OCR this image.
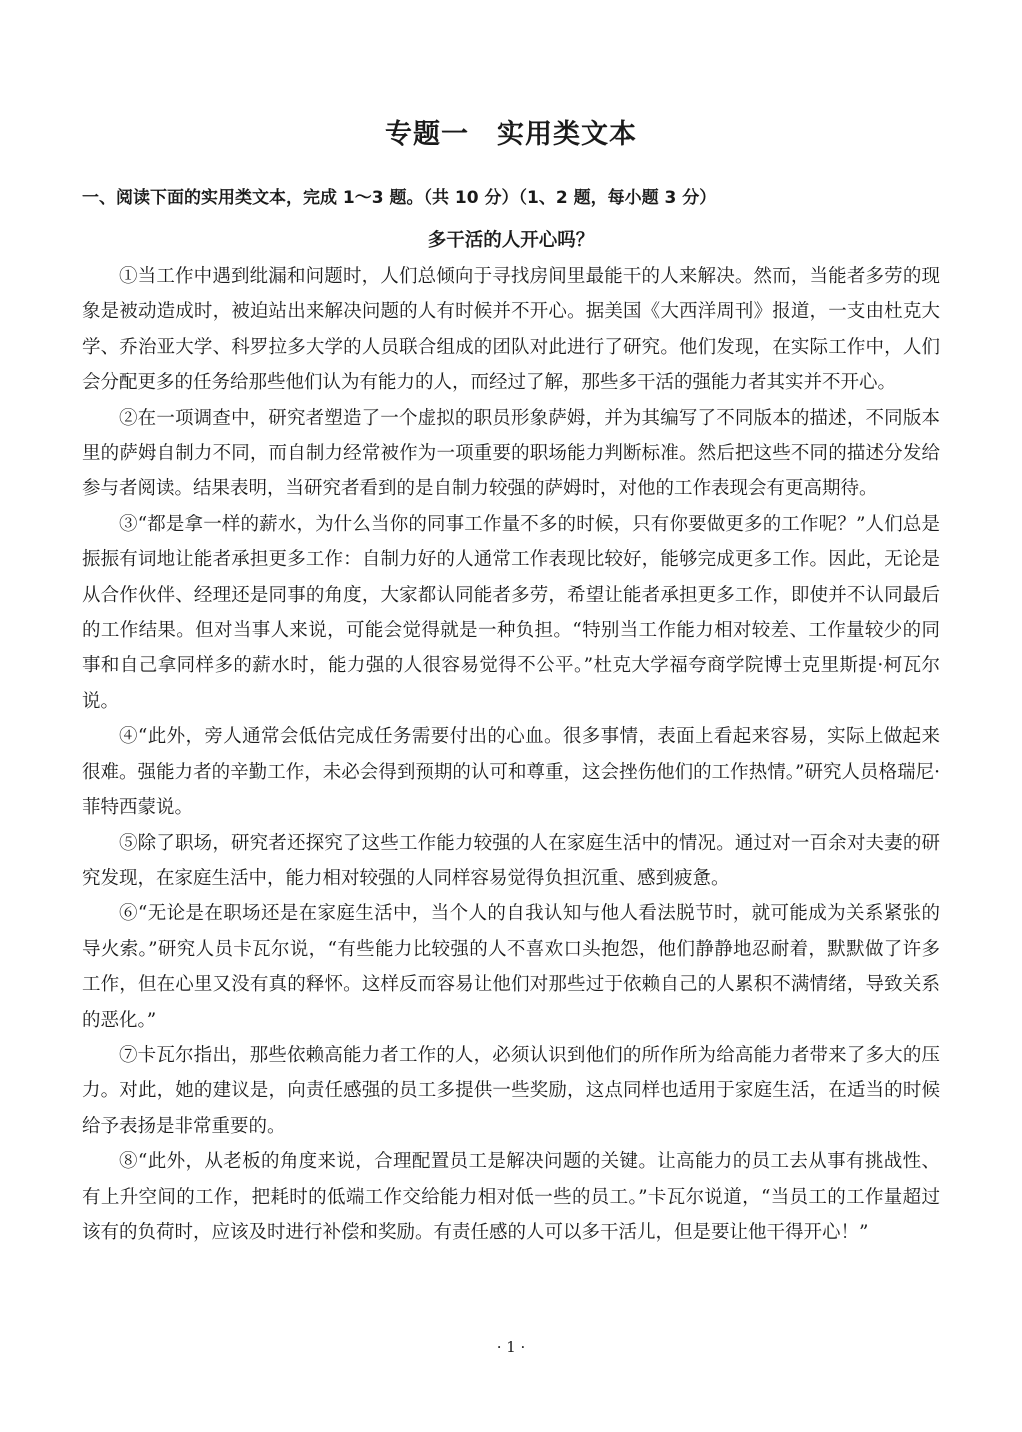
专题一　实用类文本
一、阅读下面的实用类文本，完成 1～3 题。（共 10 分）（1、2 题，每小题 3 分）
多干活的人开心吗？

①当工作中遇到纰漏和问题时，人们总倾向于寻找房间里最能干的人来解决。然而，当能者多劳的现象是被动造成时，被迫站出来解决问题的人有时候并不开心。据美国《大西洋周刊》报道，一支由杜克大学、乔治亚大学、科罗拉多大学的人员联合组成的团队对此进行了研究。他们发现，在实际工作中，人们会分配更多的任务给那些他们认为有能力的人，而经过了解，那些多干活的强能力者其实并不开心。

②在一项调查中，研究者塑造了一个虚拟的职员形象萨姆，并为其编写了不同版本的描述，不同版本里的萨姆自制力不同，而自制力经常被作为一项重要的职场能力判断标准。然后把这些不同的描述分发给参与者阅读。结果表明，当研究者看到的是自制力较强的萨姆时，对他的工作表现会有更高期待。

③“都是拿一样的薪水，为什么当你的同事工作量不多的时候，只有你要做更多的工作呢？”人们总是振振有词地让能者承担更多工作：自制力好的人通常工作表现比较好，能够完成更多工作。因此，无论是从合作伙伴、经理还是同事的角度，大家都认同能者多劳，希望让能者承担更多工作，即使并不认同最后的工作结果。但对当事人来说，可能会觉得就是一种负担。“特别当工作能力相对较差、工作量较少的同事和自己拿同样多的薪水时，能力强的人很容易觉得不公平。”杜克大学福夸商学院博士克里斯提·柯瓦尔说。

④“此外，旁人通常会低估完成任务需要付出的心血。很多事情，表面上看起来容易，实际上做起来很难。强能力者的辛勤工作，未必会得到预期的认可和尊重，这会挫伤他们的工作热情。”研究人员格瑞尼·菲特西蒙说。

⑤除了职场，研究者还探究了这些工作能力较强的人在家庭生活中的情况。通过对一百余对夫妻的研究发现，在家庭生活中，能力相对较强的人同样容易觉得负担沉重、感到疲惫。

⑥“无论是在职场还是在家庭生活中，当个人的自我认知与他人看法脱节时，就可能成为关系紧张的导火索。”研究人员卡瓦尔说，“有些能力比较强的人不喜欢口头抱怨，他们静静地忍耐着，默默做了许多工作，但在心里又没有真的释怀。这样反而容易让他们对那些过于依赖自己的人累积不满情绪，导致关系的恶化。”

⑦卡瓦尔指出，那些依赖高能力者工作的人，必须认识到他们的所作所为给高能力者带来了多大的压力。对此，她的建议是，向责任感强的员工多提供一些奖励，这点同样也适用于家庭生活，在适当的时候给予表扬是非常重要的。

⑧“此外，从老板的角度来说，合理配置员工是解决问题的关键。让高能力的员工去从事有挑战性、有上升空间的工作，把耗时的低端工作交给能力相对低一些的员工。”卡瓦尔说道，“当员工的工作量超过该有的负荷时，应该及时进行补偿和奖励。有责任感的人可以多干活儿，但是要让他干得开心！”

· 1 ·
